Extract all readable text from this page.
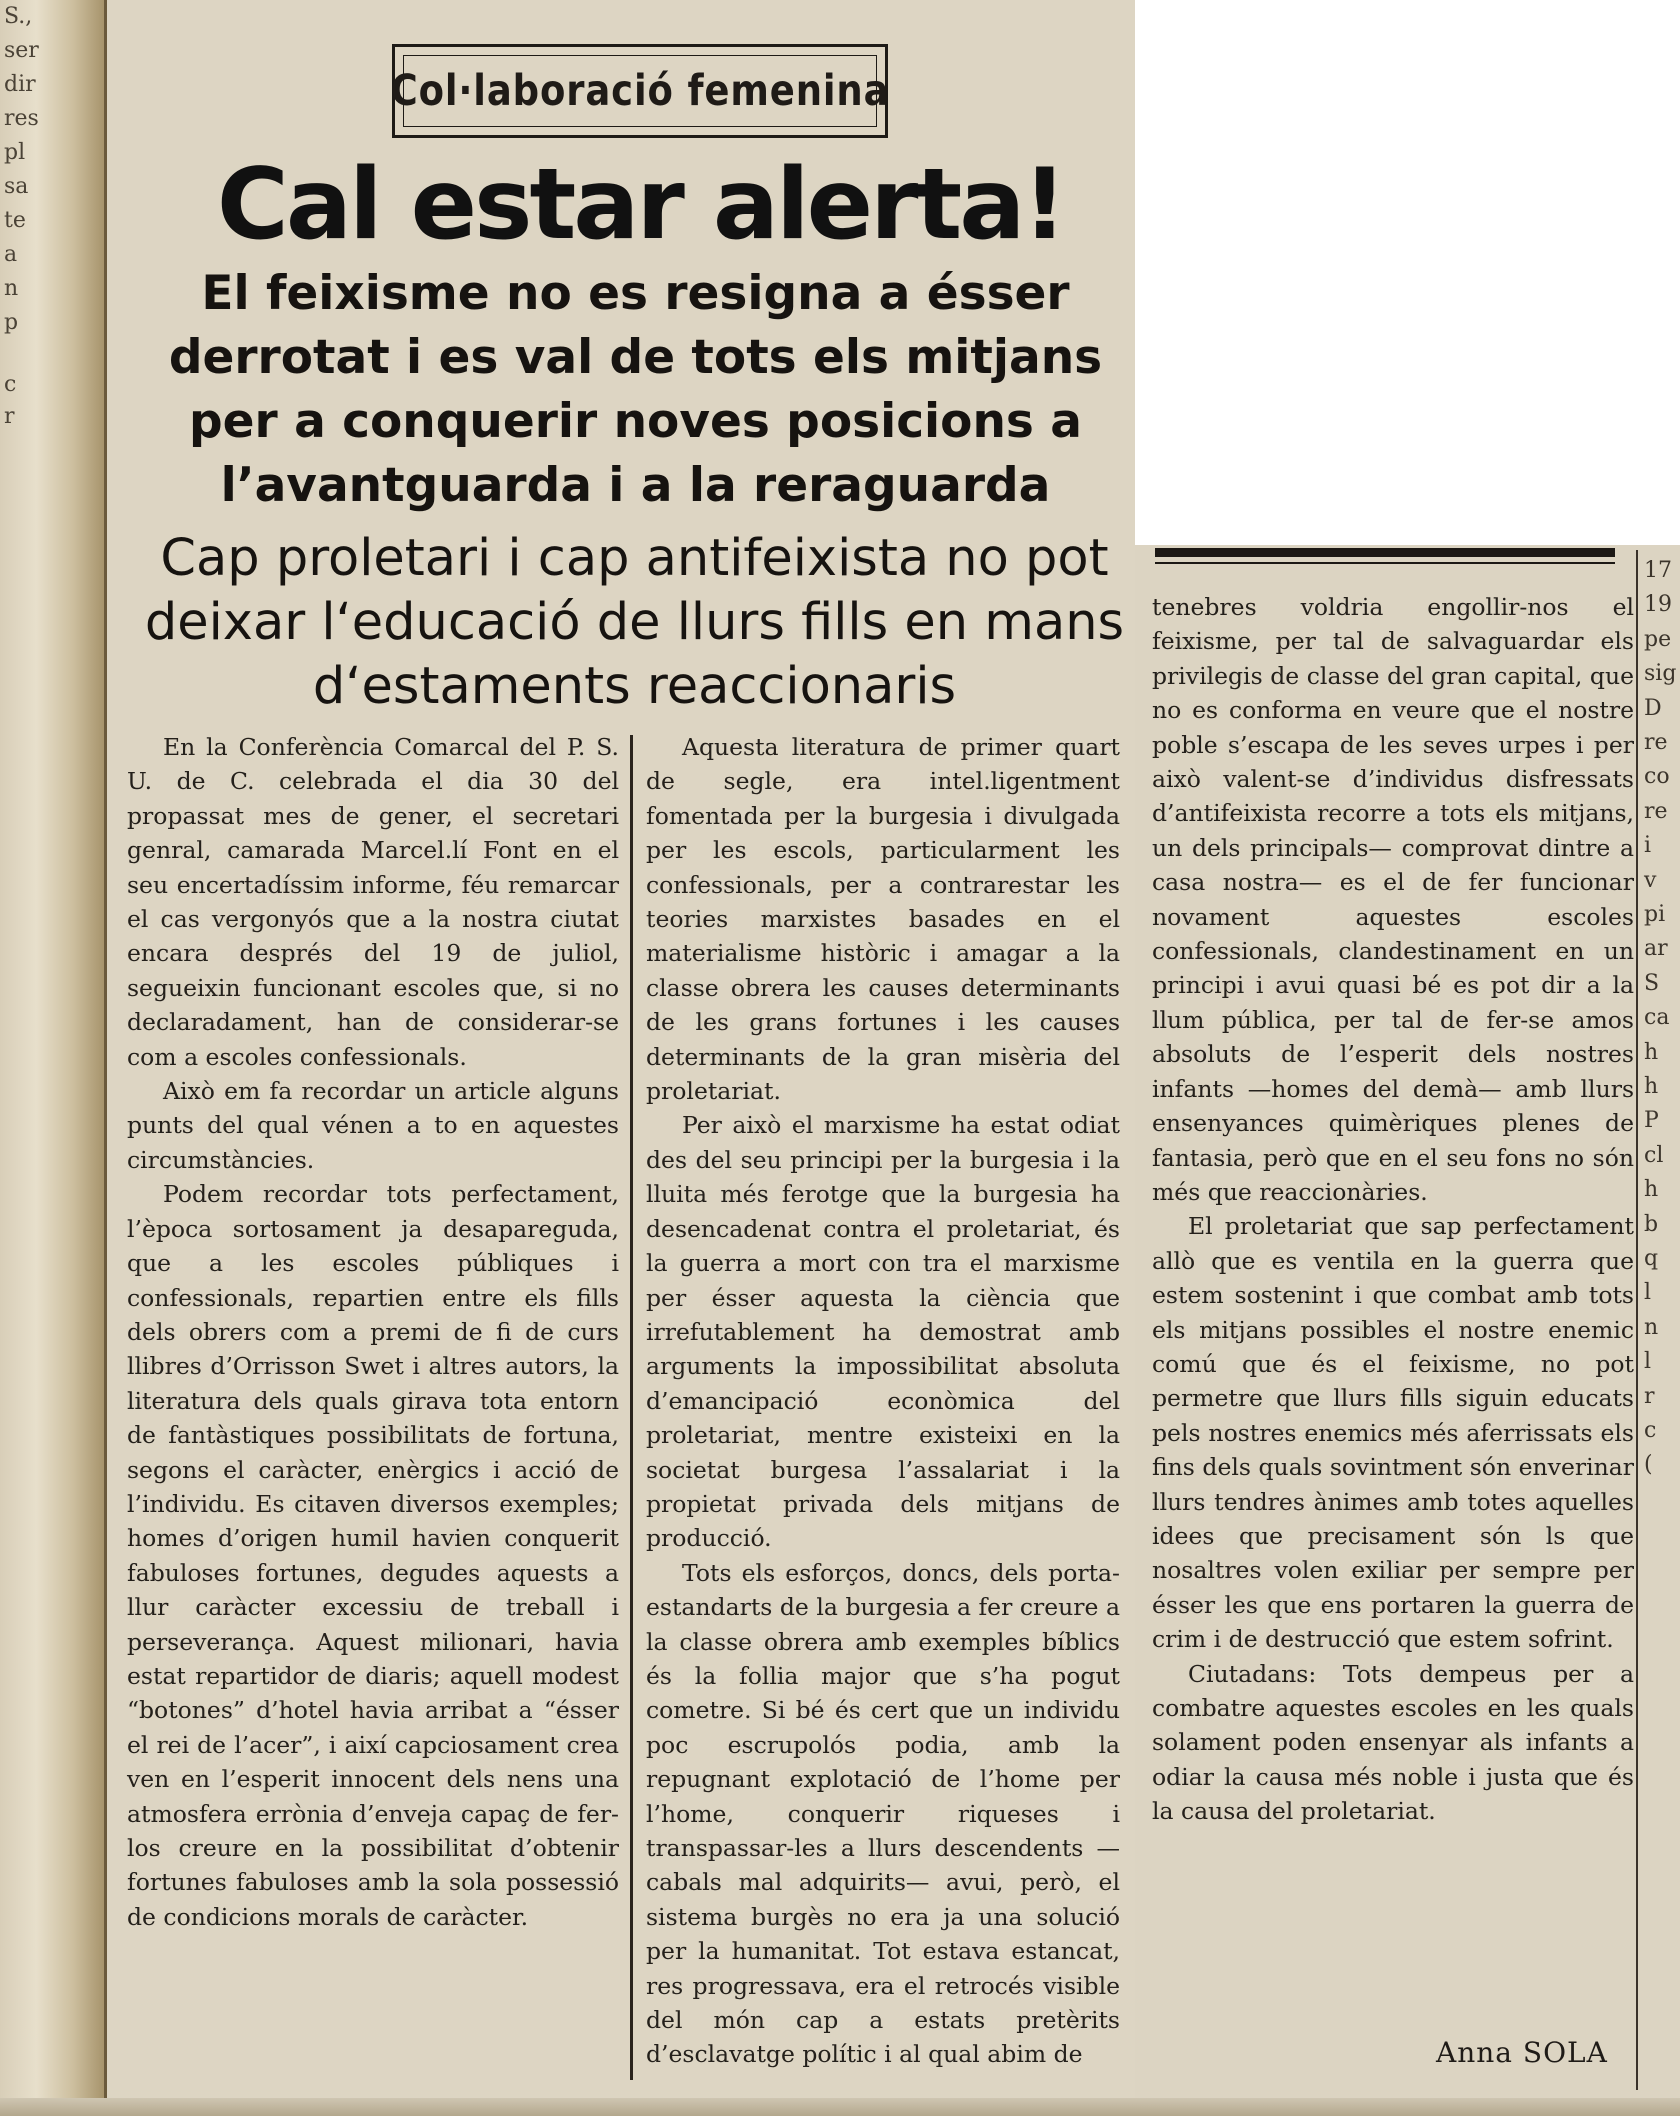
S.,
ser
dir
res
pl
sa
te
a
n
p
c
r
Col·laboració femenina
Cal estar alerta!
El feixisme no es resigna a ésser derrotat i es val de tots els mitjans per a conquerir noves posicions a l’avantguarda i a la reraguarda
Cap proletari i cap antifeixista no pot deixar l‘educació de llurs fills en mans d‘estaments reaccionaris

En la Conferència Comarcal del P. S. U. de C. celebrada el dia 30 del propassat mes de gener, el secretari genral, camarada Marcel.lí Font en el seu encertadíssim informe, féu remarcar el cas vergonyós que a la nostra ciutat encara després del 19 de juliol, segueixin funcionant escoles que, si no declaradament, han de considerar-se com a escoles confessionals.

Això em fa recordar un article alguns punts del qual vénen a to en aquestes circumstàncies.

Podem recordar tots perfectament, l’època sortosament ja desapareguda, que a les escoles públiques i confessionals, repartien entre els fills dels obrers com a premi de fi de curs llibres d’Orrisson Swet i altres autors, la literatura dels quals girava tota entorn de fantàstiques possibilitats de fortuna, segons el caràcter, enèrgics i acció de l’individu. Es citaven diversos exemples; homes d’origen humil havien conquerit fabuloses fortunes, degudes aquests a llur caràcter excessiu de treball i perseverança. Aquest milionari, havia estat repartidor de diaris; aquell modest “botones” d’hotel havia arribat a “ésser el rei de l’acer”, i així capciosament crea ven en l’esperit innocent dels nens una atmosfera errònia d’enveja capaç de fer-los creure en la possibilitat d’obtenir fortunes fabuloses amb la sola possessió de condicions morals de caràcter.

Aquesta literatura de primer quart de segle, era intel.ligentment fomentada per la burgesia i divulgada per les escols, particularment les confessionals, per a contrarestar les teories marxistes basades en el materialisme històric i amagar a la classe obrera les causes determinants de les grans fortunes i les causes determinants de la gran misèria del proletariat.

Per això el marxisme ha estat odiat des del seu principi per la burgesia i la lluita més ferotge que la burgesia ha desencadenat contra el proletariat, és la guerra a mort con tra el marxisme per ésser aquesta la ciència que irrefutablement ha demostrat amb arguments la impossibilitat absoluta d’emancipació econòmica del proletariat, mentre existeixi en la societat burgesa l’assalariat i la propietat privada dels mitjans de producció.

Tots els esforços, doncs, dels porta-estandarts de la burgesia a fer creure a la classe obrera amb exemples bíblics és la follia major que s’ha pogut cometre. Si bé és cert que un individu poc escrupolós podia, amb la repugnant explotació de l’home per l’home, conquerir riqueses i transpassar-les a llurs descendents —cabals mal adquirits— avui, però, el sistema burgès no era ja una solució per la humanitat. Tot estava estancat, res progressava, era el retrocés visible del món cap a estats pretèrits d’esclavatge polític i al qual abim de

tenebres voldria engollir-nos el feixisme, per tal de salvaguardar els privilegis de classe del gran capital, que no es conforma en veure que el nostre poble s’escapa de les seves urpes i per això valent-se d’individus disfressats d’antifeixista recorre a tots els mitjans, un dels principals— comprovat dintre a casa nostra— es el de fer funcionar novament aquestes escoles confessionals, clandestinament en un principi i avui quasi bé es pot dir a la llum pública, per tal de fer-se amos absoluts de l’esperit dels nostres infants —homes del demà— amb llurs ensenyances quimèriques plenes de fantasia, però que en el seu fons no són més que reaccionàries.

El proletariat que sap perfectament allò que es ventila en la guerra que estem sostenint i que combat amb tots els mitjans possibles el nostre enemic comú que és el feixisme, no pot permetre que llurs fills siguin educats pels nostres enemics més aferrissats els fins dels quals sovintment són enverinar llurs tendres ànimes amb totes aquelles idees que precisament són ls que nosaltres volen exiliar per sempre per ésser les que ens portaren la guerra de crim i de destrucció que estem sofrint.

Ciutadans: Tots dempeus per a combatre aquestes escoles en les quals solament poden ensenyar als infants a odiar la causa més noble i justa que és la causa del proletariat.

Anna SOLA
17
19
pe
sig
D
re
co
re
i
v
pi
ar
S
ca
h
h
P
cl
h
b
q
l
n
l
r
c
(
